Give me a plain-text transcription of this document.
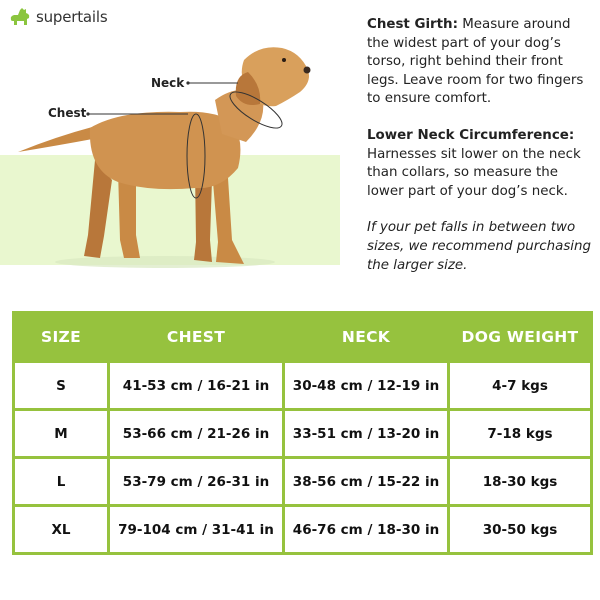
supertails
Neck
Chest

Chest Girth: Measure around the widest part of your dog’s torso, right behind their front legs. Leave room for two fingers to ensure comfort.

Lower Neck Circumference:
Harnesses sit lower on the neck than collars, so measure the lower part of your dog’s neck.

If your pet falls in between two sizes, we recommend purchasing the larger size.

SIZE	CHEST	NECK	DOG WEIGHT
S	41-53 cm / 16-21 in	30-48 cm / 12-19 in	4-7 kgs
M	53-66 cm / 21-26 in	33-51 cm / 13-20 in	7-18 kgs
L	53-79 cm / 26-31 in	38-56 cm / 15-22 in	18-30 kgs
XL	79-104 cm / 31-41 in	46-76 cm / 18-30 in	30-50 kgs
